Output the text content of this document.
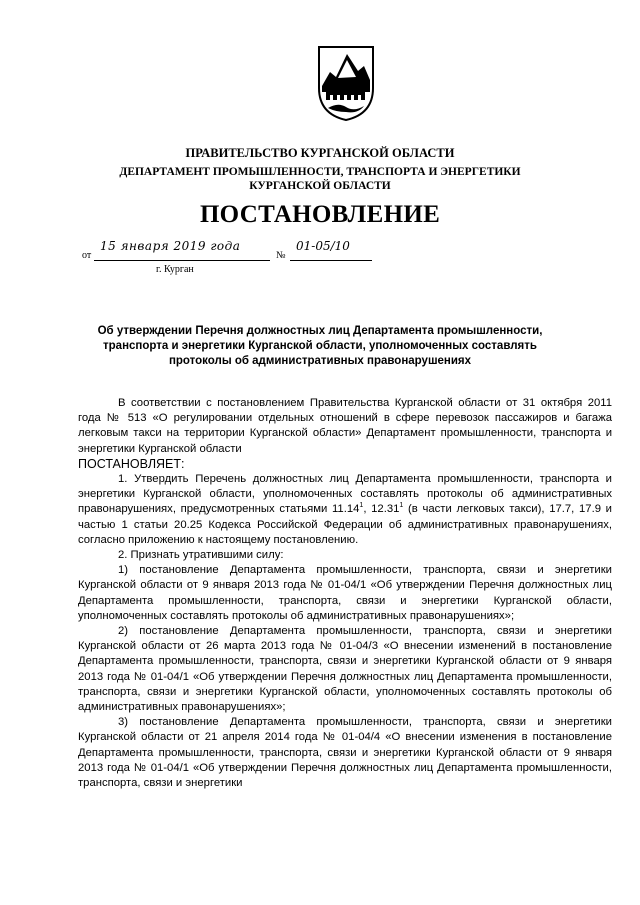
ПРАВИТЕЛЬСТВО КУРГАНСКОЙ ОБЛАСТИ
ДЕПАРТАМЕНТ ПРОМЫШЛЕННОСТИ, ТРАНСПОРТА И ЭНЕРГЕТИКИ
КУРГАНСКОЙ ОБЛАСТИ
ПОСТАНОВЛЕНИЕ
от
15 января 2019 года
№
01-05/10
г. Курган
Об утверждении Перечня должностных лиц Департамента промышленности, транспорта и энергетики Курганской области, уполномоченных составлять протоколы об административных правонарушениях

В соответствии с постановлением Правительства Курганской области от 31 октября 2011 года № 513 «О регулировании отдельных отношений в сфере перевозок пассажиров и багажа легковым такси на территории Курганской области» Департамент промышленности, транспорта и энергетики Курганской области

ПОСТАНОВЛЯЕТ:

1. Утвердить Перечень должностных лиц Департамента промышленности, транспорта и энергетики Курганской области, уполномоченных составлять протоколы об административных правонарушениях, предусмотренных статьями 11.14$^1$, 12.31$^1$ (в части легковых такси), 17.7, 17.9 и частью 1 статьи 20.25 Кодекса Российской Федерации об административных правонарушениях, согласно приложению к настоящему постановлению.

2. Признать утратившими силу:

1) постановление Департамента промышленности, транспорта, связи и энергетики Курганской области от 9 января 2013 года № 01-04/1 «Об утверждении Перечня должностных лиц Департамента промышленности, транспорта, связи и энергетики Курганской области, уполномоченных составлять протоколы об административных правонарушениях»;

2) постановление Департамента промышленности, транспорта, связи и энергетики Курганской области от 26 марта 2013 года № 01-04/3 «О внесении изменений в постановление Департамента промышленности, транспорта, связи и энергетики Курганской области от 9 января 2013 года № 01-04/1 «Об утверждении Перечня должностных лиц Департамента промышленности, транспорта, связи и энергетики Курганской области, уполномоченных составлять протоколы об административных правонарушениях»;

3) постановление Департамента промышленности, транспорта, связи и энергетики Курганской области от 21 апреля 2014 года № 01-04/4 «О внесении изменения в постановление Департамента промышленности, транспорта, связи и энергетики Курганской области от 9 января 2013 года № 01-04/1 «Об утверждении Перечня должностных лиц Департамента промышленности, транспорта, связи и энергетики
